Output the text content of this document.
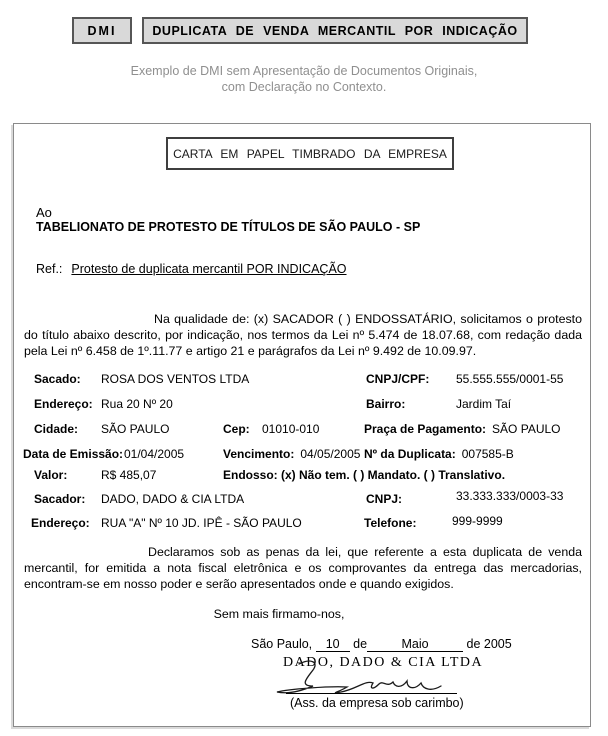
DMI	DUPLICATA DE VENDA MERCANTIL POR INDICAÇÃO
Exemplo de DMI sem Apresentação de Documentos Originais,
com Declaração no Contexto.
CARTA EM PAPEL TIMBRADO DA EMPRESA
Ao
TABELIONATO DE PROTESTO DE TÍTULOS DE SÃO PAULO - SP
Ref.: Protesto de duplicata mercantil POR INDICAÇÃO
Na qualidade de: (x) SACADOR ( ) ENDOSSATÁRIO, solicitamos o protesto do título abaixo descrito, por indicação, nos termos da Lei nº 5.474 de 18.07.68, com redação dada pela Lei nº 6.458 de 1º.11.77 e artigo 21 e parágrafos da Lei nº 9.492 de 10.09.97.
Sacado: ROSA DOS VENTOS LTDA	CNPJ/CPF: 55.555.555/0001-55
Endereço: Rua 20 Nº 20	Bairro:	Jardim Taí
Cidade: SÃO PAULO	Cep: 01010-010	Praça de Pagamento: SÃO PAULO
Data de Emissão: 01/04/2005	Vencimento: 04/05/2005 Nº da Duplicata: 007585-B
Valor:	R$ 485,07	Endosso: (x) Não tem. ( ) Mandato. ( ) Translativo.
Sacador: DADO, DADO & CIA LTDA	CNPJ:	33.333.333/0003-33
Endereço: RUA "A" Nº 10 JD. IPÊ - SÃO PAULO	Telefone:	999-9999
Declaramos sob as penas da lei, que referente a esta duplicata de venda mercantil, for emitida a nota fiscal eletrônica e os comprovantes da entrega das mercadorias, encontram-se em nosso poder e serão apresentados onde e quando exigidos.
Sem mais firmamo-nos,
São Paulo, 10 de	Maio	de 2005
DADO, DADO & CIA LTDA
(Ass. da empresa sob carimbo)
